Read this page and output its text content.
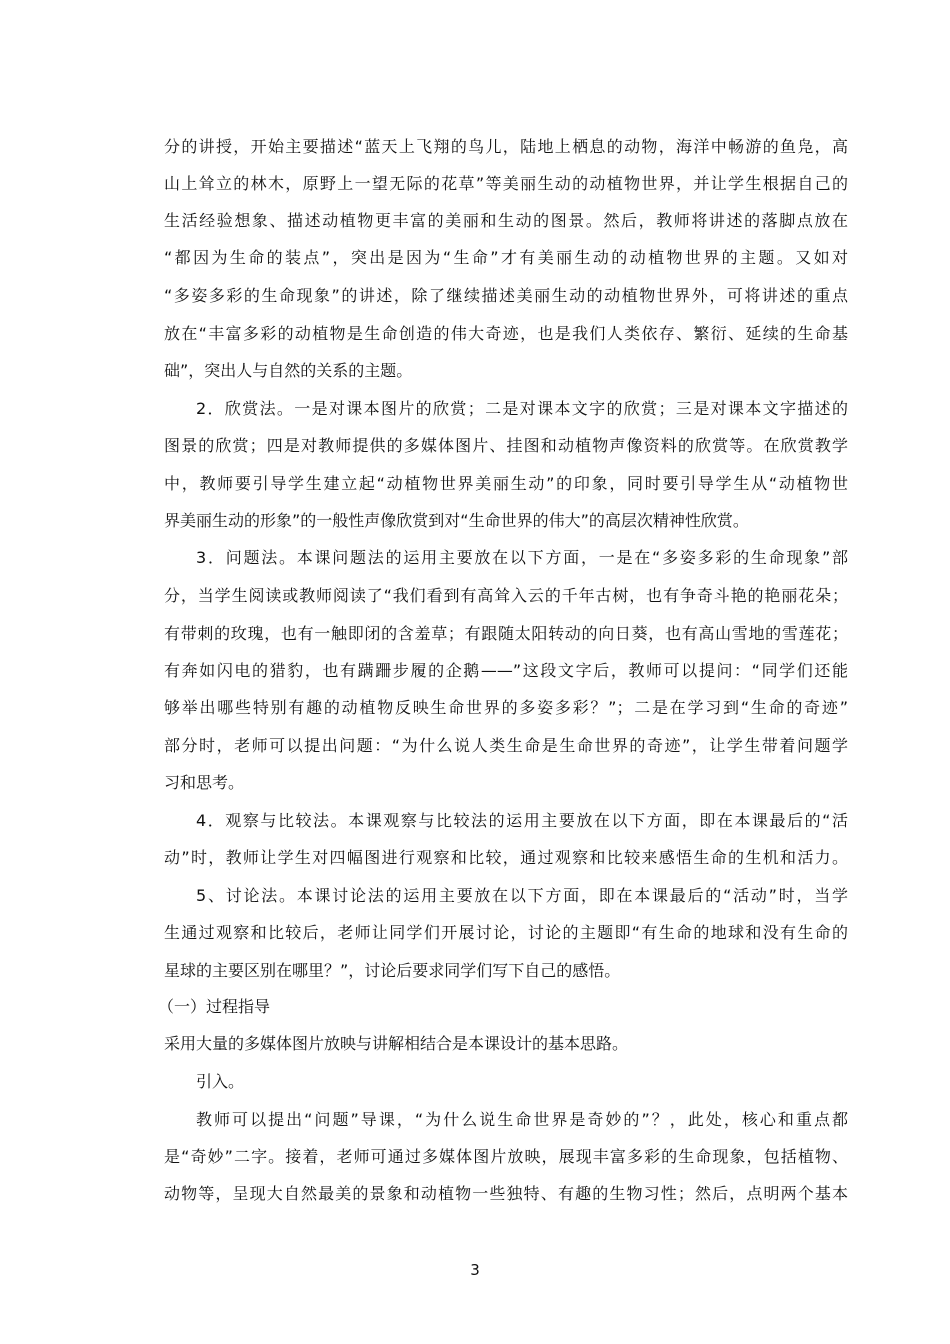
分的讲授，开始主要描述“蓝天上飞翔的鸟儿，陆地上栖息的动物，海洋中畅游的鱼凫，高
山上耸立的林木，原野上一望无际的花草”等美丽生动的动植物世界，并让学生根据自己的
生活经验想象、描述动植物更丰富的美丽和生动的图景。然后，教师将讲述的落脚点放在
“都因为生命的装点”，突出是因为“生命”才有美丽生动的动植物世界的主题。又如对
“多姿多彩的生命现象”的讲述，除了继续描述美丽生动的动植物世界外，可将讲述的重点
放在“丰富多彩的动植物是生命创造的伟大奇迹，也是我们人类依存、繁衍、延续的生命基
础”，突出人与自然的关系的主题。
2．欣赏法。一是对课本图片的欣赏；二是对课本文字的欣赏；三是对课本文字描述的
图景的欣赏；四是对教师提供的多媒体图片、挂图和动植物声像资料的欣赏等。在欣赏教学
中，教师要引导学生建立起“动植物世界美丽生动”的印象，同时要引导学生从“动植物世
界美丽生动的形象”的一般性声像欣赏到对“生命世界的伟大”的高层次精神性欣赏。
3．问题法。本课问题法的运用主要放在以下方面，一是在“多姿多彩的生命现象”部
分，当学生阅读或教师阅读了“我们看到有高耸入云的千年古树，也有争奇斗艳的艳丽花朵；
有带刺的玫瑰，也有一触即闭的含羞草；有跟随太阳转动的向日葵，也有高山雪地的雪莲花；
有奔如闪电的猎豹，也有蹒跚步履的企鹅——”这段文字后，教师可以提问：“同学们还能
够举出哪些特别有趣的动植物反映生命世界的多姿多彩？”；二是在学习到“生命的奇迹”
部分时，老师可以提出问题：“为什么说人类生命是生命世界的奇迹”，让学生带着问题学
习和思考。
4．观察与比较法。本课观察与比较法的运用主要放在以下方面，即在本课最后的“活
动”时，教师让学生对四幅图进行观察和比较，通过观察和比较来感悟生命的生机和活力。
5、讨论法。本课讨论法的运用主要放在以下方面，即在本课最后的“活动”时，当学
生通过观察和比较后，老师让同学们开展讨论，讨论的主题即“有生命的地球和没有生命的
星球的主要区别在哪里？”，讨论后要求同学们写下自己的感悟。
（一）过程指导
采用大量的多媒体图片放映与讲解相结合是本课设计的基本思路。
引入。
教师可以提出“问题”导课，“为什么说生命世界是奇妙的”？，此处，核心和重点都
是“奇妙”二字。接着，老师可通过多媒体图片放映，展现丰富多彩的生命现象，包括植物、
动物等，呈现大自然最美的景象和动植物一些独特、有趣的生物习性；然后，点明两个基本
3
